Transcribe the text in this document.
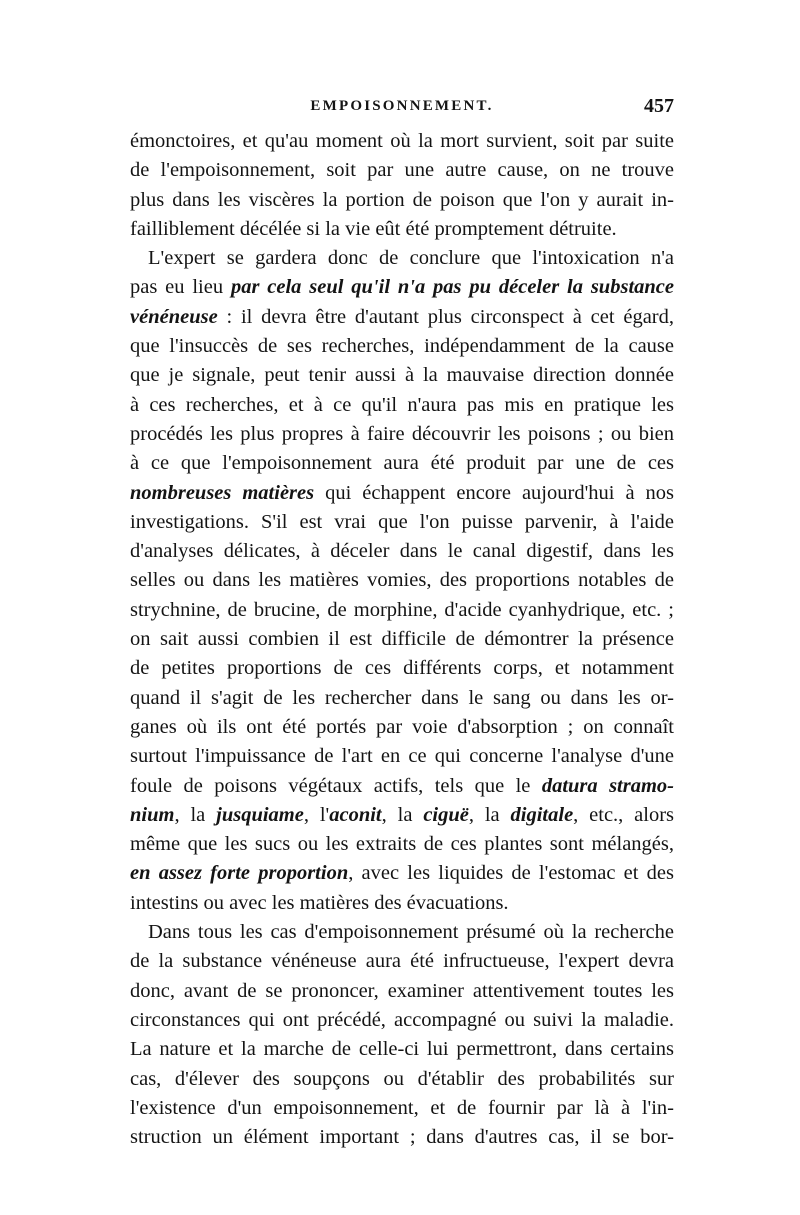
EMPOISONNEMENT.	457
émonctoires, et qu'au moment où la mort survient, soit par suite
de l'empoisonnement, soit par une autre cause, on ne trouve
plus dans les viscères la portion de poison que l'on y aurait in-
failliblement décélée si la vie eût été promptement détruite.
L'expert se gardera donc de conclure que l'intoxication n'a
pas eu lieu par cela seul qu'il n'a pas pu déceler la substance
vénéneuse : il devra être d'autant plus circonspect à cet égard,
que l'insuccès de ses recherches, indépendamment de la cause
que je signale, peut tenir aussi à la mauvaise direction donnée
à ces recherches, et à ce qu'il n'aura pas mis en pratique les
procédés les plus propres à faire découvrir les poisons ; ou bien
à ce que l'empoisonnement aura été produit par une de ces
nombreuses matières qui échappent encore aujourd'hui à nos
investigations. S'il est vrai que l'on puisse parvenir, à l'aide
d'analyses délicates, à déceler dans le canal digestif, dans les
selles ou dans les matières vomies, des proportions notables de
strychnine, de brucine, de morphine, d'acide cyanhydrique, etc. ;
on sait aussi combien il est difficile de démontrer la présence
de petites proportions de ces différents corps, et notamment
quand il s'agit de les rechercher dans le sang ou dans les or-
ganes où ils ont été portés par voie d'absorption ; on connaît
surtout l'impuissance de l'art en ce qui concerne l'analyse d'une
foule de poisons végétaux actifs, tels que le datura stramo-
nium, la jusquiame, l'aconit, la ciguë, la digitale, etc., alors
même que les sucs ou les extraits de ces plantes sont mélangés,
en assez forte proportion, avec les liquides de l'estomac et des
intestins ou avec les matières des évacuations.
Dans tous les cas d'empoisonnement présumé où la recherche
de la substance vénéneuse aura été infructueuse, l'expert devra
donc, avant de se prononcer, examiner attentivement toutes les
circonstances qui ont précédé, accompagné ou suivi la maladie.
La nature et la marche de celle-ci lui permettront, dans certains
cas, d'élever des soupçons ou d'établir des probabilités sur
l'existence d'un empoisonnement, et de fournir par là à l'in-
struction un élément important ; dans d'autres cas, il se bor-
